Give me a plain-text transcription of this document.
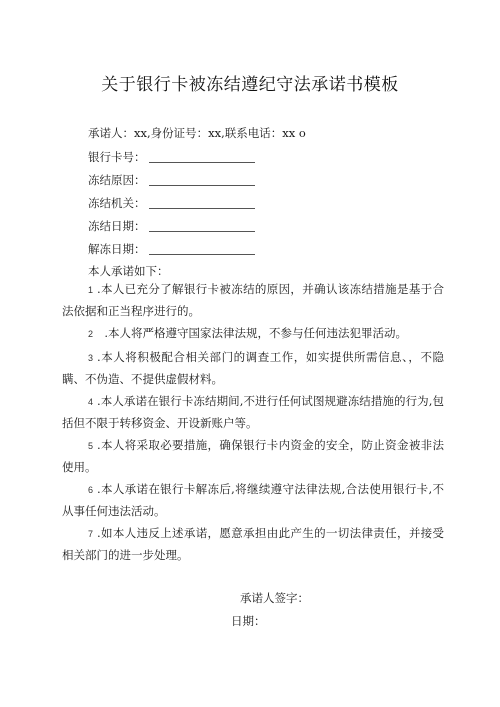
关于银行卡被冻结遵纪守法承诺书模板
承诺人：xx,身份证号：xx,联系电话：xx o
银行卡号：
冻结原因：
冻结机关：
冻结日期：
解冻日期：
本人承诺如下：
1 .本人已充分了解银行卡被冻结的原因，并确认该冻结措施是基于合法依据和正当程序进行的。
2  .本人将严格遵守国家法律法规，不参与任何违法犯罪活动。
3 .本人将积极配合相关部门的调查工作，如实提供所需信息、，不隐瞒、不伪造、不提供虚假材料。
4 .本人承诺在银行卡冻结期间,不进行任何试图规避冻结措施的行为,包括但不限于转移资金、开设新账户等。
5 .本人将采取必要措施，确保银行卡内资金的安全，防止资金被非法使用。
6 .本人承诺在银行卡解冻后,将继续遵守法律法规,合法使用银行卡,不从事任何违法活动。
7 .如本人违反上述承诺，愿意承担由此产生的一切法律责任，并接受相关部门的进一步处理。
承诺人签字：
日期：
